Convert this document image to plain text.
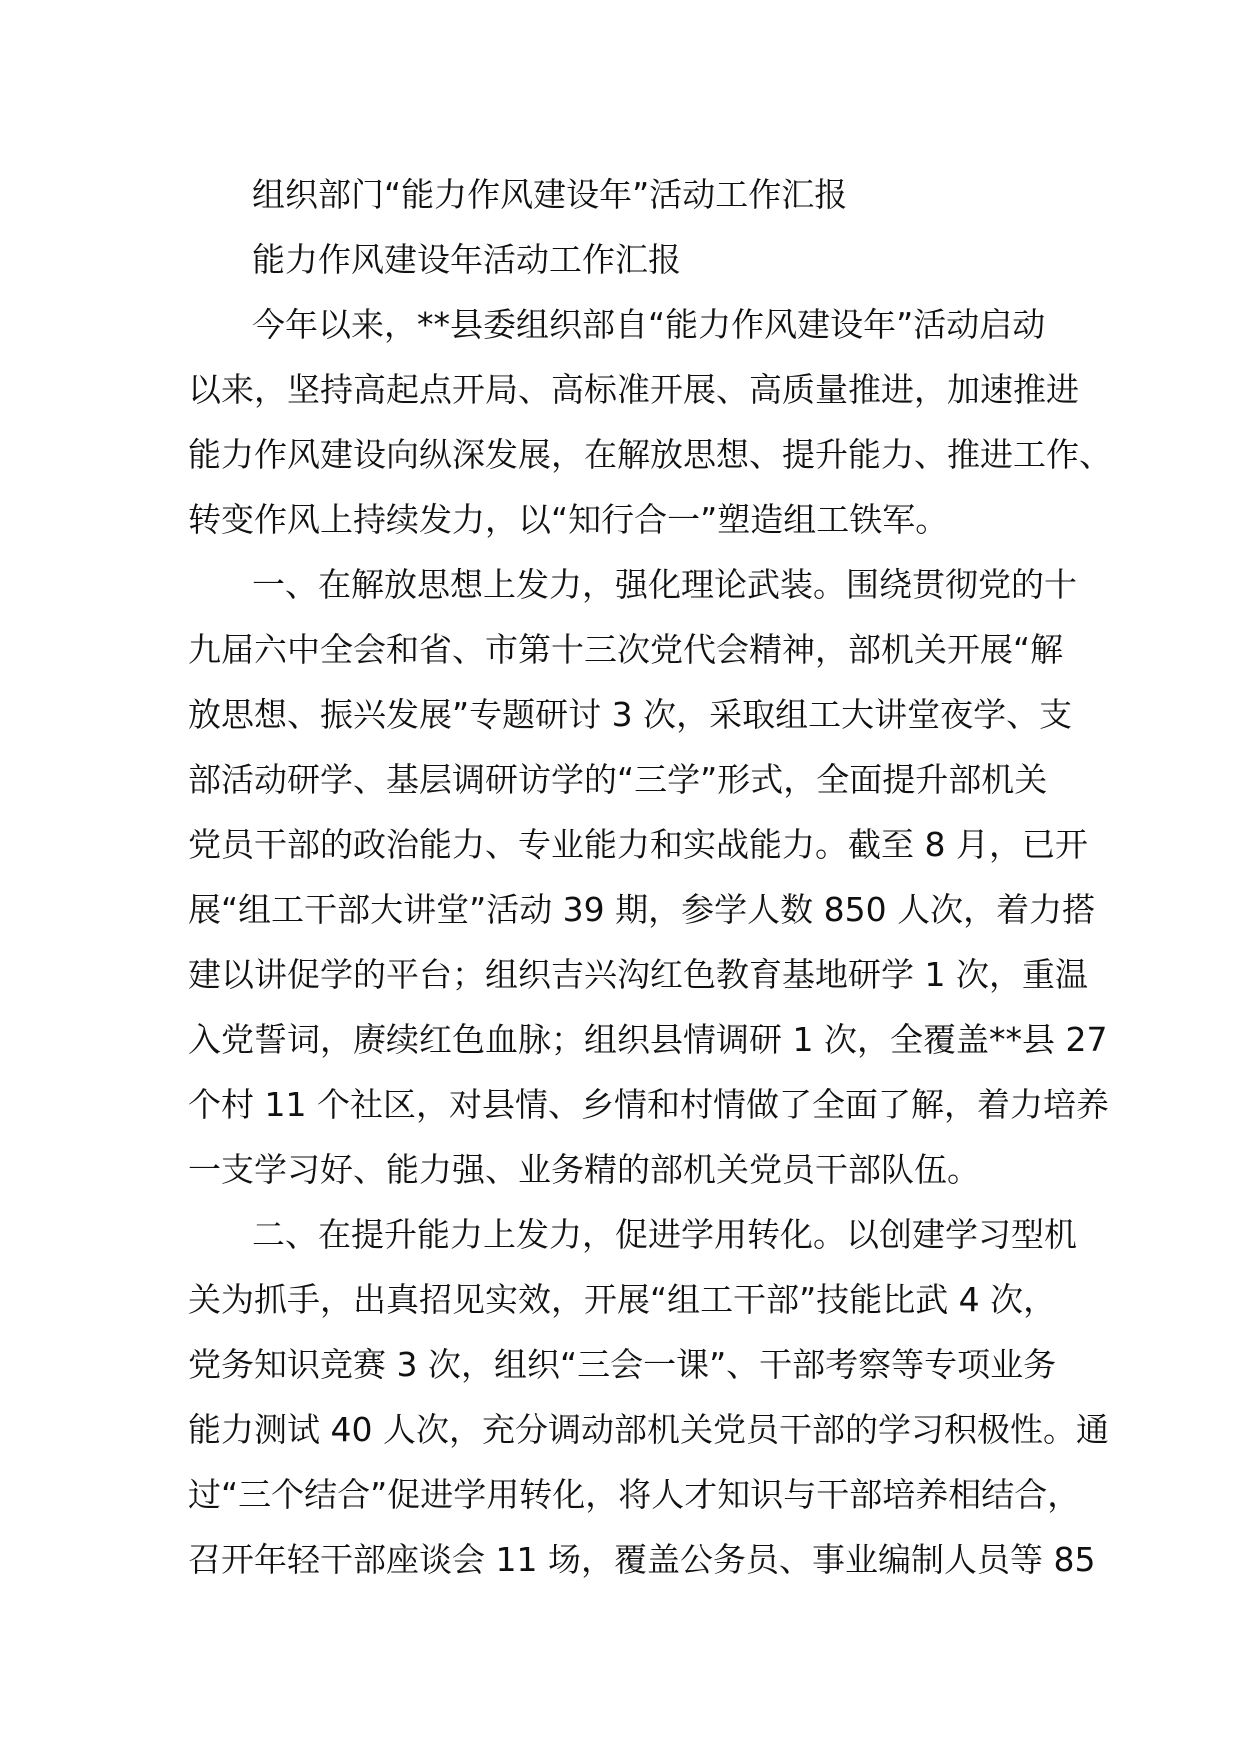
组织部门“能力作风建设年”活动工作汇报
能力作风建设年活动工作汇报
今年以来，**县委组织部自“能力作风建设年”活动启动
以来，坚持高起点开局、高标准开展、高质量推进，加速推进
能力作风建设向纵深发展，在解放思想、提升能力、推进工作、
转变作风上持续发力，以“知行合一”塑造组工铁军。
一、在解放思想上发力，强化理论武装。围绕贯彻党的十
九届六中全会和省、市第十三次党代会精神，部机关开展“解
放思想、振兴发展”专题研讨 3 次，采取组工大讲堂夜学、支
部活动研学、基层调研访学的“三学”形式，全面提升部机关
党员干部的政治能力、专业能力和实战能力。截至 8 月，已开
展“组工干部大讲堂”活动 39 期，参学人数 850 人次，着力搭
建以讲促学的平台；组织吉兴沟红色教育基地研学 1 次，重温
入党誓词，赓续红色血脉；组织县情调研 1 次，全覆盖**县 27
个村 11 个社区，对县情、乡情和村情做了全面了解，着力培养
一支学习好、能力强、业务精的部机关党员干部队伍。
二、在提升能力上发力，促进学用转化。以创建学习型机
关为抓手，出真招见实效，开展“组工干部”技能比武 4 次，
党务知识竞赛 3 次，组织“三会一课”、干部考察等专项业务
能力测试 40 人次，充分调动部机关党员干部的学习积极性。通
过“三个结合”促进学用转化，将人才知识与干部培养相结合，
召开年轻干部座谈会 11 场，覆盖公务员、事业编制人员等 85
